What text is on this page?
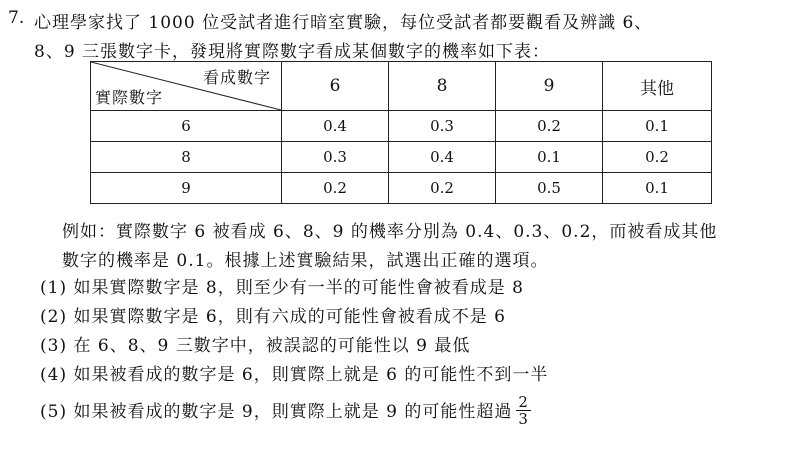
7. 心理學家找了 1000 位受試者進行暗室實驗，每位受試者都要觀看及辨識 6、
8、9 三張數字卡，發現將實際數字看成某個數字的機率如下表：
看成數字
實際數字	6	8	9	其他
6	0.4	0.3	0.2	0.1
8	0.3	0.4	0.1	0.2
9	0.2	0.2	0.5	0.1
例如：實際數字 6 被看成 6、8、9 的機率分別為 0.4、0.3、0.2，而被看成其他
數字的機率是 0.1。根據上述實驗結果，試選出正確的選項。
(1) 如果實際數字是 8，則至少有一半的可能性會被看成是 8
(2) 如果實際數字是 6，則有六成的可能性會被看成不是 6
(3) 在 6、8、9 三數字中，被誤認的可能性以 9 最低
(4) 如果被看成的數字是 6，則實際上就是 6 的可能性不到一半
(5) 如果被看成的數字是 9，則實際上就是 9 的可能性超過 $\frac{2}{3}$
